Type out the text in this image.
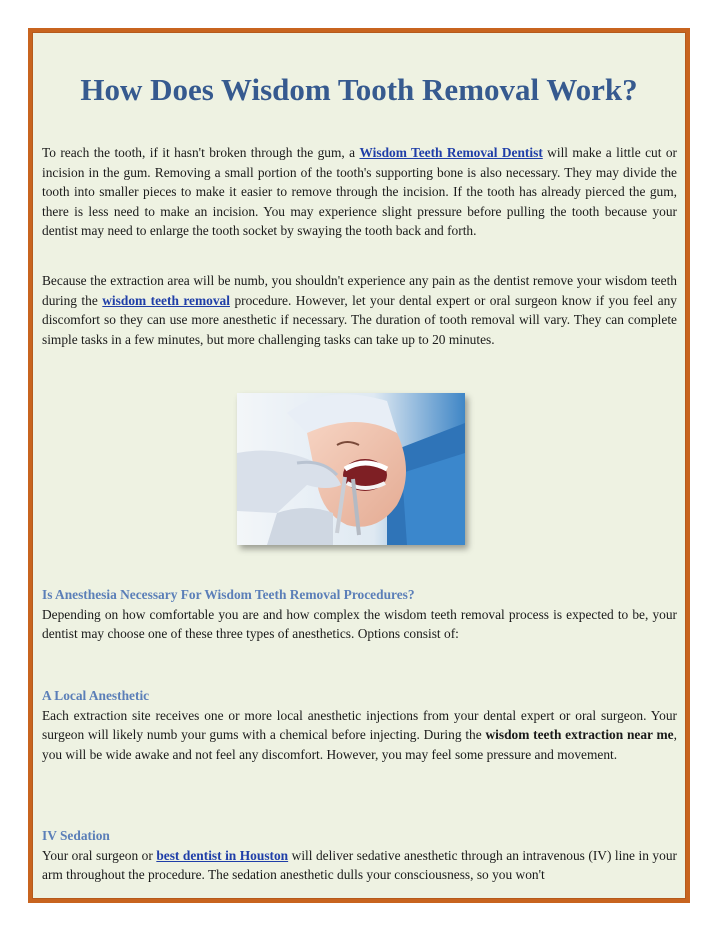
How Does Wisdom Tooth Removal Work?

To reach the tooth, if it hasn't broken through the gum, a Wisdom Teeth Removal Dentist will make a little cut or incision in the gum. Removing a small portion of the tooth's supporting bone is also necessary. They may divide the tooth into smaller pieces to make it easier to remove through the incision. If the tooth has already pierced the gum, there is less need to make an incision. You may experience slight pressure before pulling the tooth because your dentist may need to enlarge the tooth socket by swaying the tooth back and forth.

Because the extraction area will be numb, you shouldn't experience any pain as the dentist remove your wisdom teeth during the wisdom teeth removal procedure. However, let your dental expert or oral surgeon know if you feel any discomfort so they can use more anesthetic if necessary. The duration of tooth removal will vary. They can complete simple tasks in a few minutes, but more challenging tasks can take up to 20 minutes.

Is Anesthesia Necessary For Wisdom Teeth Removal Procedures?

Depending on how comfortable you are and how complex the wisdom teeth removal process is expected to be, your dentist may choose one of these three types of anesthetics. Options consist of:

A Local Anesthetic

Each extraction site receives one or more local anesthetic injections from your dental expert or oral surgeon. Your surgeon will likely numb your gums with a chemical before injecting. During the wisdom teeth extraction near me, you will be wide awake and not feel any discomfort. However, you may feel some pressure and movement.

IV Sedation

Your oral surgeon or best dentist in Houston will deliver sedative anesthetic through an intravenous (IV) line in your arm throughout the procedure. The sedation anesthetic dulls your consciousness, so you won't
